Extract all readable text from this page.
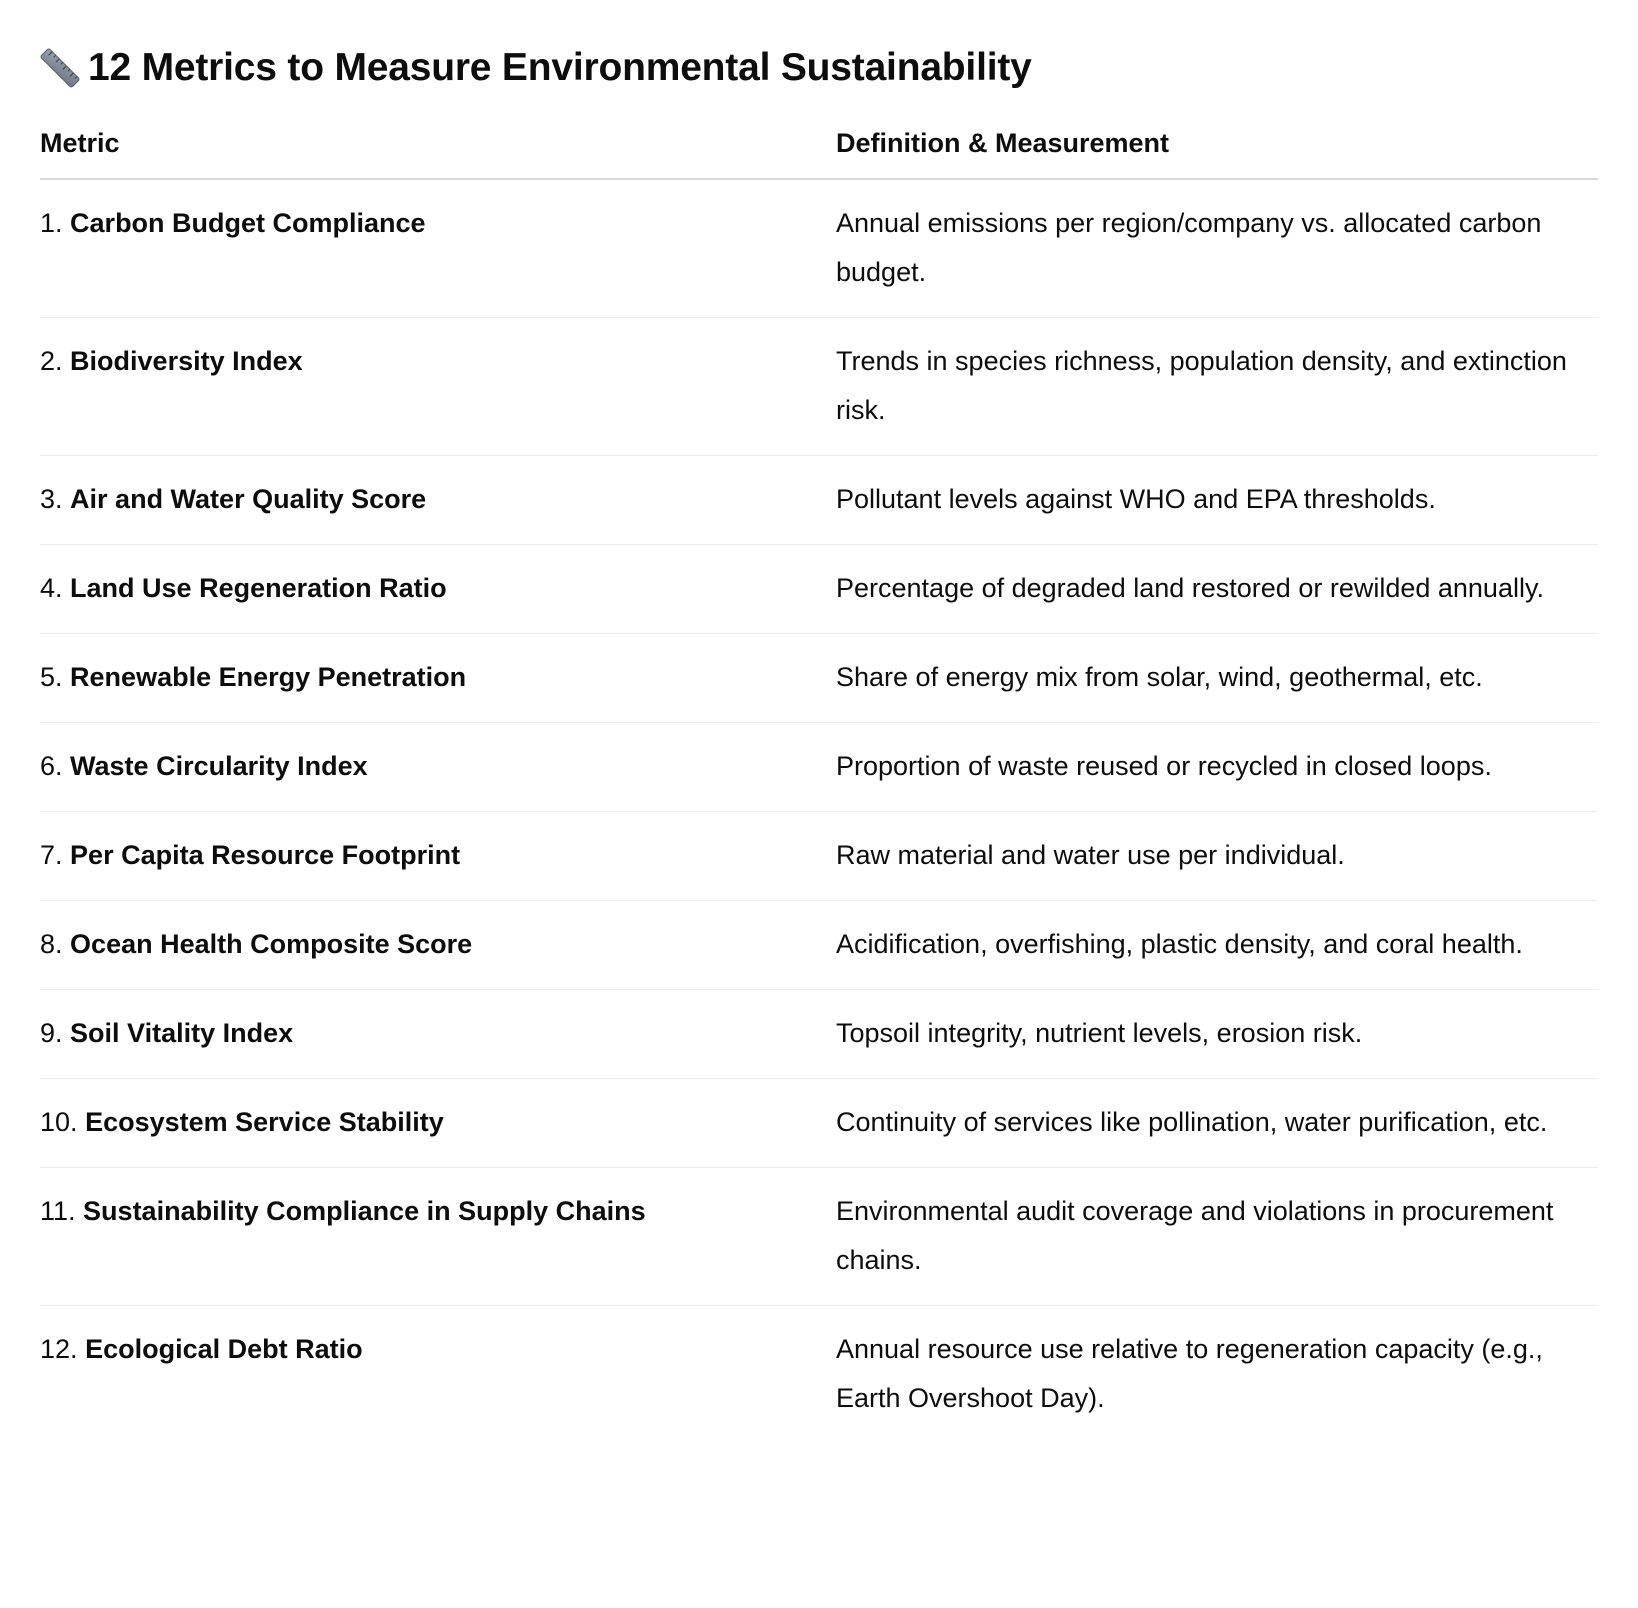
12 Metrics to Measure Environmental Sustainability
Metric	Definition & Measurement
1. Carbon Budget Compliance	Annual emissions per region/company vs. allocated carbon budget.
2. Biodiversity Index	Trends in species richness, population density, and extinction risk.
3. Air and Water Quality Score	Pollutant levels against WHO and EPA thresholds.
4. Land Use Regeneration Ratio	Percentage of degraded land restored or rewilded annually.
5. Renewable Energy Penetration	Share of energy mix from solar, wind, geothermal, etc.
6. Waste Circularity Index	Proportion of waste reused or recycled in closed loops.
7. Per Capita Resource Footprint	Raw material and water use per individual.
8. Ocean Health Composite Score	Acidification, overfishing, plastic density, and coral health.
9. Soil Vitality Index	Topsoil integrity, nutrient levels, erosion risk.
10. Ecosystem Service Stability	Continuity of services like pollination, water purification, etc.
11. Sustainability Compliance in Supply Chains	Environmental audit coverage and violations in procurement chains.
12. Ecological Debt Ratio	Annual resource use relative to regeneration capacity (e.g., Earth Overshoot Day).
